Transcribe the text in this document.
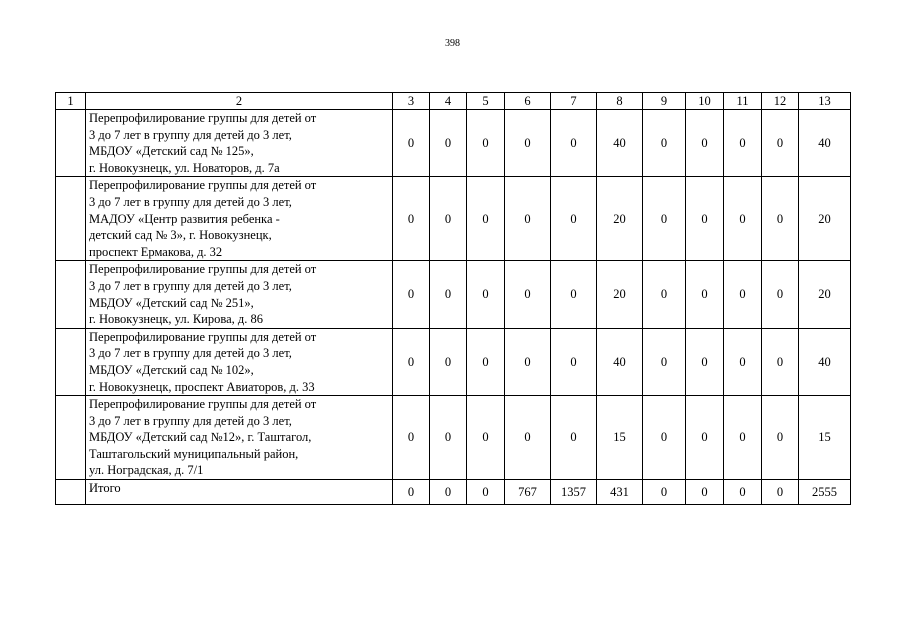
398
1	2	3	4	5	6	7	8	9	10	11	12	13

	Перепрофилирование группы для детей от
3 до 7 лет в группу для детей до 3 лет,
МБДОУ «Детский сад № 125»,
г. Новокузнецк, ул. Новаторов, д. 7а	0	0	0	0	0	40	0	0	0	0	40

	Перепрофилирование группы для детей от
3 до 7 лет в группу для детей до 3 лет,
МАДОУ «Центр развития ребенка -
детский сад № 3», г. Новокузнецк,
проспект Ермакова, д. 32	0	0	0	0	0	20	0	0	0	0	20

	Перепрофилирование группы для детей от
3 до 7 лет в группу для детей до 3 лет,
МБДОУ «Детский сад № 251»,
г. Новокузнецк, ул. Кирова, д. 86	0	0	0	0	0	20	0	0	0	0	20

	Перепрофилирование группы для детей от
3 до 7 лет в группу для детей до 3 лет,
МБДОУ «Детский сад № 102»,
г. Новокузнецк, проспект Авиаторов, д. 33	0	0	0	0	0	40	0	0	0	0	40

	Перепрофилирование группы для детей от
3 до 7 лет в группу для детей до 3 лет,
МБДОУ «Детский сад №12», г. Таштагол,
Таштагольский муниципальный район,
ул. Ноградская, д. 7/1	0	0	0	0	0	15	0	0	0	0	15
	Итого	0	0	0	767	1357	431	0	0	0	0	2555
